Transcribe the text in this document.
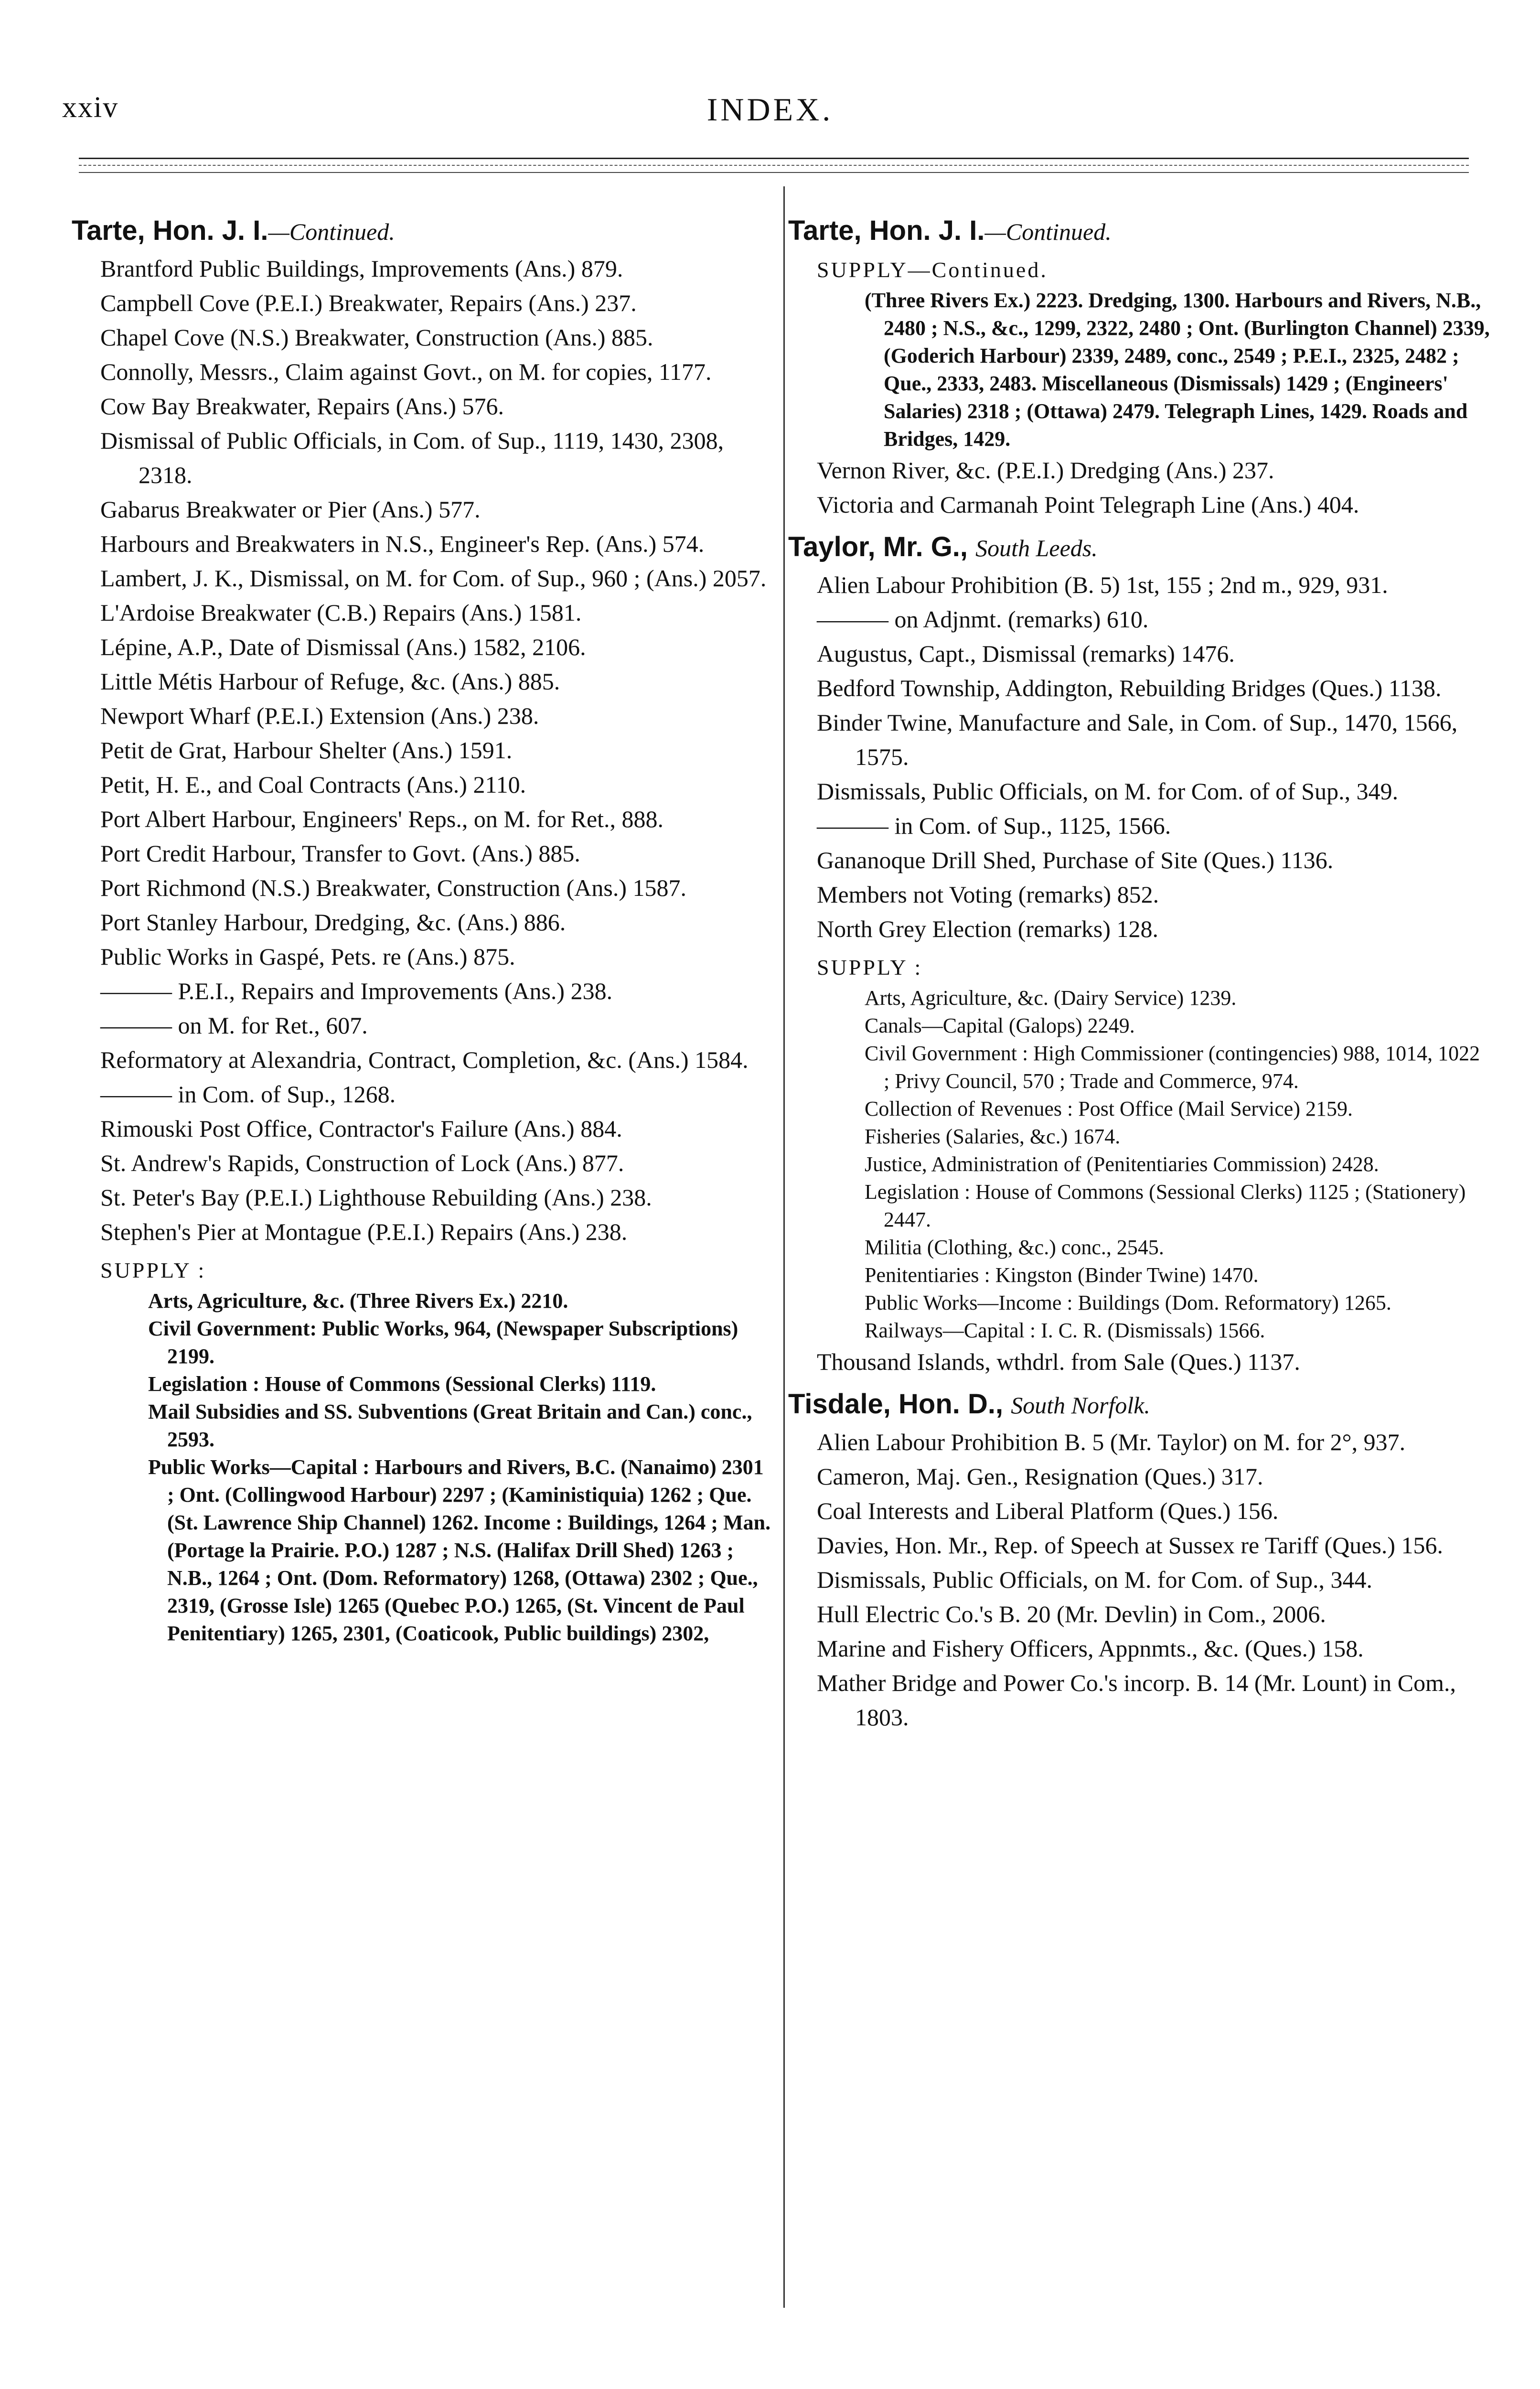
xxiv	INDEX.
Tarte, Hon. J. I.—Continued.

Brantford Public Buildings, Improvements (Ans.) 879.

Campbell Cove (P.E.I.) Breakwater, Repairs (Ans.) 237.

Chapel Cove (N.S.) Breakwater, Construction (Ans.) 885.

Connolly, Messrs., Claim against Govt., on M. for copies, 1177.

Cow Bay Breakwater, Repairs (Ans.) 576.

Dismissal of Public Officials, in Com. of Sup., 1119, 1430, 2308, 2318.

Gabarus Breakwater or Pier (Ans.) 577.

Harbours and Breakwaters in N.S., Engineer's Rep. (Ans.) 574.

Lambert, J. K., Dismissal, on M. for Com. of Sup., 960 ; (Ans.) 2057.

L'Ardoise Breakwater (C.B.) Repairs (Ans.) 1581.

Lépine, A.P., Date of Dismissal (Ans.) 1582, 2106.

Little Métis Harbour of Refuge, &c. (Ans.) 885.

Newport Wharf (P.E.I.) Extension (Ans.) 238.

Petit de Grat, Harbour Shelter (Ans.) 1591.

Petit, H. E., and Coal Contracts (Ans.) 2110.

Port Albert Harbour, Engineers' Reps., on M. for Ret., 888.

Port Credit Harbour, Transfer to Govt. (Ans.) 885.

Port Richmond (N.S.) Breakwater, Construction (Ans.) 1587.

Port Stanley Harbour, Dredging, &c. (Ans.) 886.

Public Works in Gaspé, Pets. re (Ans.) 875.

——— P.E.I., Repairs and Improvements (Ans.) 238.

——— on M. for Ret., 607.

Reformatory at Alexandria, Contract, Completion, &c. (Ans.) 1584.

——— in Com. of Sup., 1268.

Rimouski Post Office, Contractor's Failure (Ans.) 884.

St. Andrew's Rapids, Construction of Lock (Ans.) 877.

St. Peter's Bay (P.E.I.) Lighthouse Rebuilding (Ans.) 238.

Stephen's Pier at Montague (P.E.I.) Repairs (Ans.) 238.

SUPPLY :

Arts, Agriculture, &c. (Three Rivers Ex.) 2210.

Civil Government: Public Works, 964, (Newspaper Subscriptions) 2199.

Legislation : House of Commons (Sessional Clerks) 1119.

Mail Subsidies and SS. Subventions (Great Britain and Can.) conc., 2593.

Public Works—Capital : Harbours and Rivers, B.C. (Nanaimo) 2301 ; Ont. (Collingwood Harbour) 2297 ; (Kaministiquia) 1262 ; Que. (St. Lawrence Ship Channel) 1262. Income : Buildings, 1264 ; Man. (Portage la Prairie. P.O.) 1287 ; N.S. (Halifax Drill Shed) 1263 ; N.B., 1264 ; Ont. (Dom. Reformatory) 1268, (Ottawa) 2302 ; Que., 2319, (Grosse Isle) 1265 (Quebec P.O.) 1265, (St. Vincent de Paul Penitentiary) 1265, 2301, (Coaticook, Public buildings) 2302,

Tarte, Hon. J. I.—Continued.
SUPPLY—Continued.

(Three Rivers Ex.) 2223. Dredging, 1300. Harbours and Rivers, N.B., 2480 ; N.S., &c., 1299, 2322, 2480 ; Ont. (Burlington Channel) 2339, (Goderich Harbour) 2339, 2489, conc., 2549 ; P.E.I., 2325, 2482 ; Que., 2333, 2483. Miscellaneous (Dismissals) 1429 ; (Engineers' Salaries) 2318 ; (Ottawa) 2479. Telegraph Lines, 1429. Roads and Bridges, 1429.

Vernon River, &c. (P.E.I.) Dredging (Ans.) 237.

Victoria and Carmanah Point Telegraph Line (Ans.) 404.

Taylor, Mr. G., South Leeds.

Alien Labour Prohibition (B. 5) 1st, 155 ; 2nd m., 929, 931.

——— on Adjnmt. (remarks) 610.

Augustus, Capt., Dismissal (remarks) 1476.

Bedford Township, Addington, Rebuilding Bridges (Ques.) 1138.

Binder Twine, Manufacture and Sale, in Com. of Sup., 1470, 1566, 1575.

Dismissals, Public Officials, on M. for Com. of of Sup., 349.

——— in Com. of Sup., 1125, 1566.

Gananoque Drill Shed, Purchase of Site (Ques.) 1136.

Members not Voting (remarks) 852.

North Grey Election (remarks) 128.

SUPPLY :

Arts, Agriculture, &c. (Dairy Service) 1239.

Canals—Capital (Galops) 2249.

Civil Government : High Commissioner (contingencies) 988, 1014, 1022 ; Privy Council, 570 ; Trade and Commerce, 974.

Collection of Revenues : Post Office (Mail Service) 2159.

Fisheries (Salaries, &c.) 1674.

Justice, Administration of (Penitentiaries Commission) 2428.

Legislation : House of Commons (Sessional Clerks) 1125 ; (Stationery) 2447.

Militia (Clothing, &c.) conc., 2545.

Penitentiaries : Kingston (Binder Twine) 1470.

Public Works—Income : Buildings (Dom. Reformatory) 1265.

Railways—Capital : I. C. R. (Dismissals) 1566.

Thousand Islands, wthdrl. from Sale (Ques.) 1137.

Tisdale, Hon. D., South Norfolk.

Alien Labour Prohibition B. 5 (Mr. Taylor) on M. for 2°, 937.

Cameron, Maj. Gen., Resignation (Ques.) 317.

Coal Interests and Liberal Platform (Ques.) 156.

Davies, Hon. Mr., Rep. of Speech at Sussex re Tariff (Ques.) 156.

Dismissals, Public Officials, on M. for Com. of Sup., 344.

Hull Electric Co.'s B. 20 (Mr. Devlin) in Com., 2006.

Marine and Fishery Officers, Appnmts., &c. (Ques.) 158.

Mather Bridge and Power Co.'s incorp. B. 14 (Mr. Lount) in Com., 1803.
